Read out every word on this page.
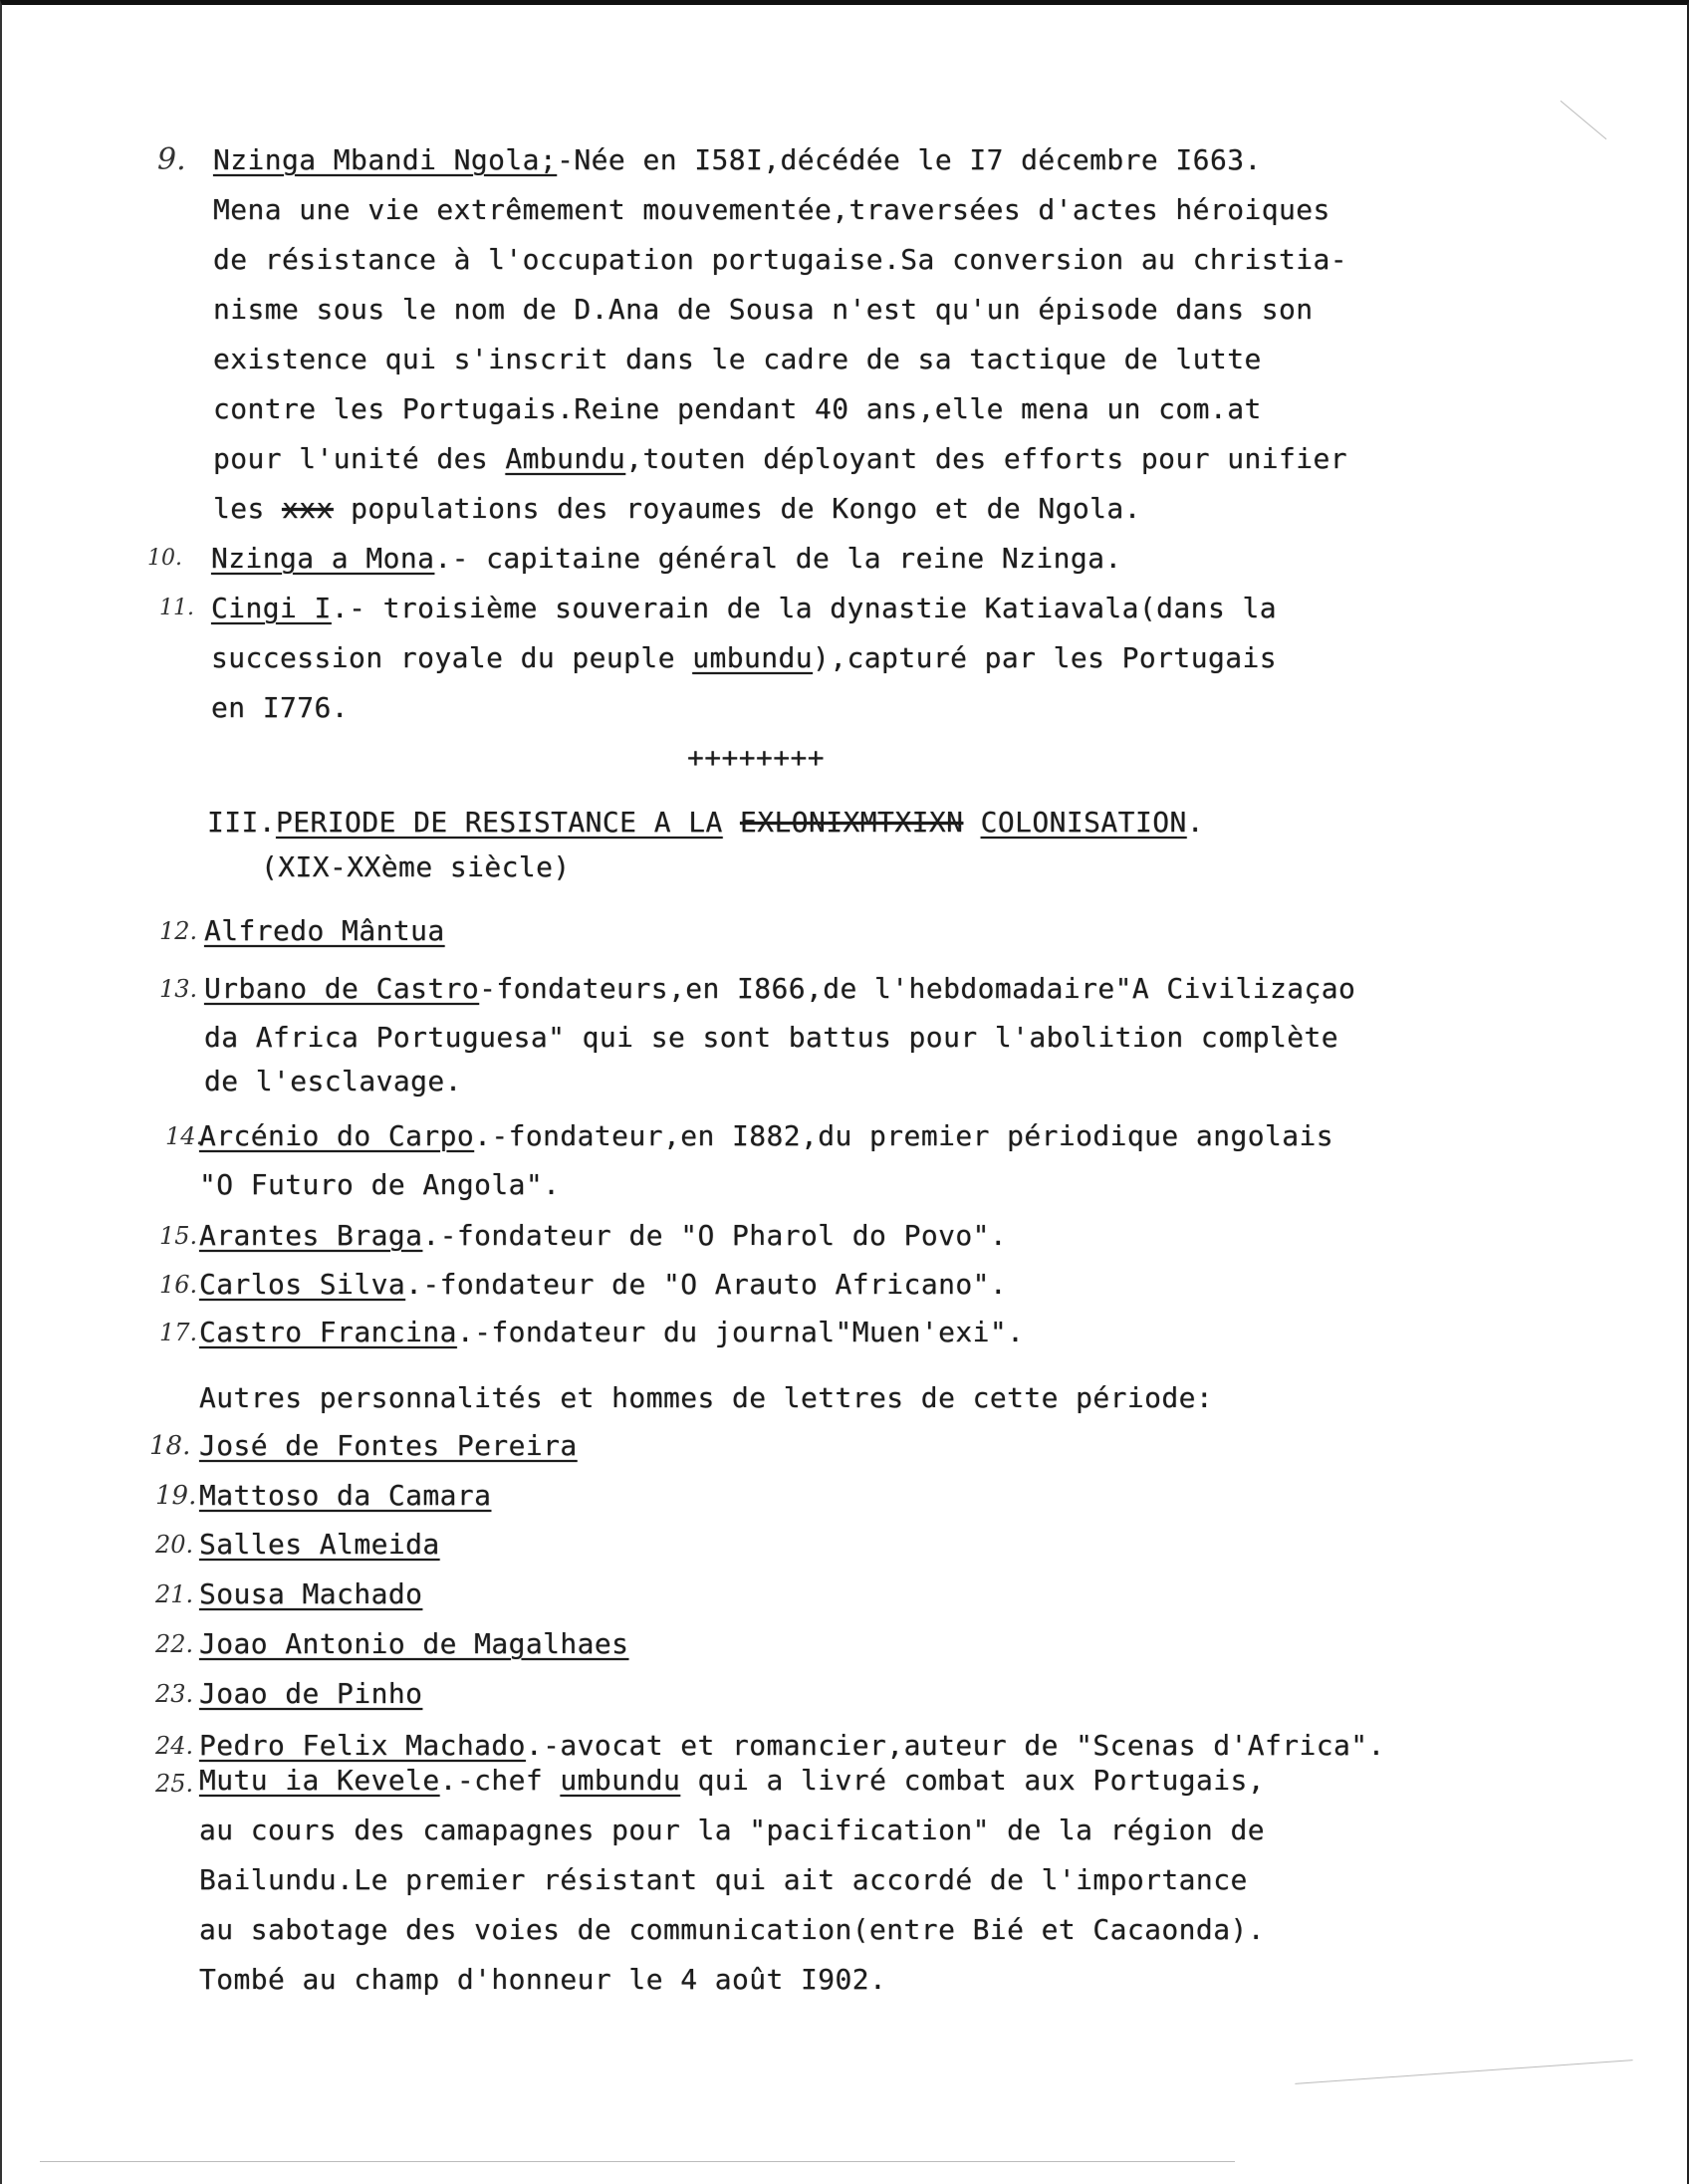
9. Nzinga Mbandi Ngola;-Née en I58I,décédée le I7 décembre I663.
Mena une vie extrêmement mouvementée,traversées d'actes héroiques
de résistance à l'occupation portugaise.Sa conversion au christia-
nisme sous le nom de D.Ana de Sousa n'est qu'un épisode dans son
existence qui s'inscrit dans le cadre de sa tactique de lutte
contre les Portugais.Reine pendant 40 ans,elle mena un com.at
pour l'unité des Ambundu,touten déployant des efforts pour unifier
les xxx populations des royaumes de Kongo et de Ngola.
10. Nzinga a Mona.- capitaine général de la reine Nzinga.
11. Cingi I.- troisième souverain de la dynastie Katiavala(dans la
succession royale du peuple umbundu),capturé par les Portugais
en I776.
++++++++
III.PERIODE DE RESISTANCE A LA EXLONIXMTXIXN COLONISATION.
(XIX-XXème siècle)
12. Alfredo Mântua
13. Urbano de Castro-fondateurs,en I866,de l'hebdomadaire"A Civilizaçao
da Africa Portuguesa" qui se sont battus pour l'abolition complète
de l'esclavage.
14.
Arcénio do Carpo.-fondateur,en I882,du premier périodique angolais
"O Futuro de Angola".
15. Arantes Braga.-fondateur de "O Pharol do Povo".
16. Carlos Silva.-fondateur de "O Arauto Africano".
17. Castro Francina.-fondateur du journal"Muen'exi".
Autres personnalités et hommes de lettres de cette période:
18. José de Fontes Pereira
19. Mattoso da Camara
20. Salles Almeida
21. Sousa Machado
22. Joao Antonio de Magalhaes
23. Joao de Pinho
24. Pedro Felix Machado.-avocat et romancier,auteur de "Scenas d'Africa".
25. Mutu ia Kevele.-chef umbundu qui a livré combat aux Portugais,
au cours des camapagnes pour la "pacification" de la région de
Bailundu.Le premier résistant qui ait accordé de l'importance
au sabotage des voies de communication(entre Bié et Cacaonda).
Tombé au champ d'honneur le 4 août I902.
